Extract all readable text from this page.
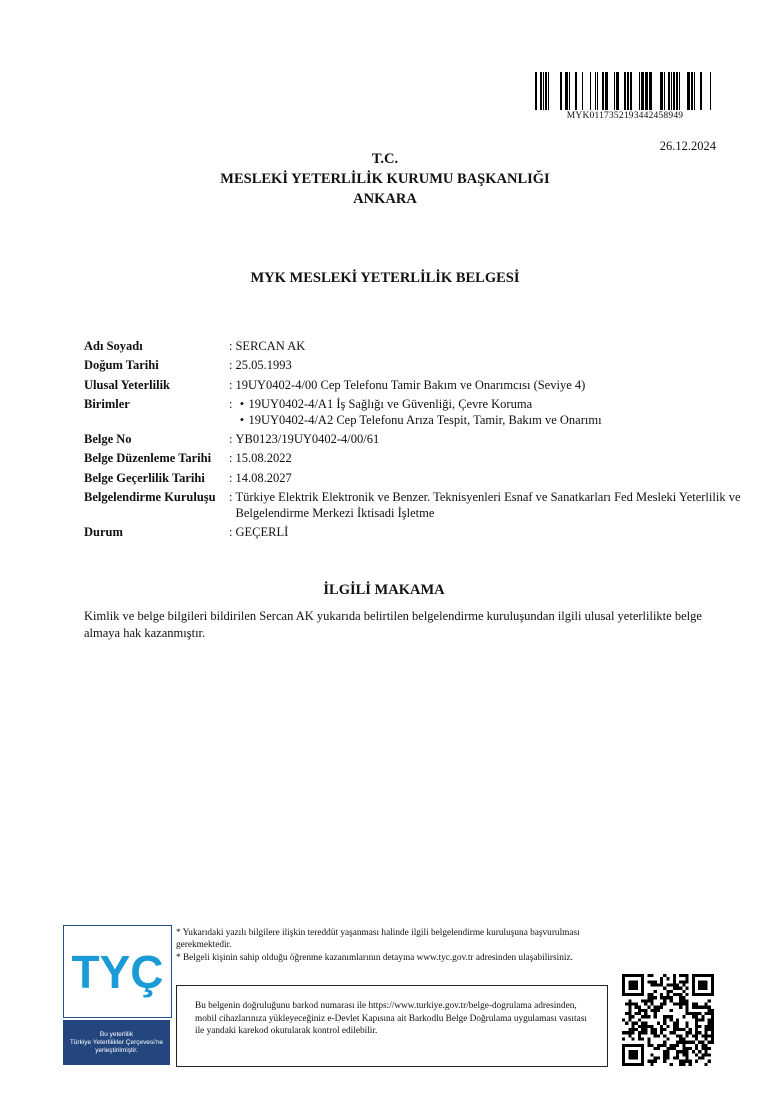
MYK0117352193442458949
26.12.2024
T.C.
MESLEKİ YETERLİLİK KURUMU BAŞKANLIĞI
ANKARA
MYK MESLEKİ YETERLİLİK BELGESİ
Adı Soyadı	: SERCAN AK
Doğum Tarihi	: 25.05.1993
Ulusal Yeterlilik	: 19UY0402-4/00 Cep Telefonu Tamir Bakım ve Onarımcısı (Seviye 4)
Birimler	:
•	19UY0402-4/A1 İş Sağlığı ve Güvenliği, Çevre Koruma
• 19UY0402-4/A2 Cep Telefonu Arıza Tespit, Tamir, Bakım ve Onarımı
Belge No	: YB0123/19UY0402-4/00/61
Belge Düzenleme Tarihi	: 15.08.2022
Belge Geçerlilik Tarihi	: 14.08.2027
Belgelendirme Kuruluşu	: Türkiye Elektrik Elektronik ve Benzer. Teknisyenleri Esnaf ve Sanatkarları Fed Mesleki Yeterlilik ve Belgelendirme Merkezi İktisadi İşletme
Durum	: GEÇERLİ
İLGİLİ MAKAMA
Kimlik ve belge bilgileri bildirilen Sercan AK yukarıda belirtilen belgelendirme kuruluşundan ilgili ulusal yeterlilikte belge almaya hak kazanmıştır.
TYÇ
Bu yeterlilik
Türkiye Yeterlilikler Çerçevesi'ne
yerleştirilmiştir.

* Yukarıdaki yazılı bilgilere ilişkin tereddüt yaşanması halinde ilgili belgelendirme kuruluşuna başvurulması gerekmektedir.

* Belgeli kişinin sahip olduğu öğrenme kazanımlarının detayına www.tyc.gov.tr adresinden ulaşabilirsiniz.

Bu belgenin doğruluğunu barkod numarası ile https://www.turkiye.gov.tr/belge-dogrulama adresinden, mobil cihazlarınıza yükleyeceğiniz e-Devlet Kapısına ait Barkodlu Belge Doğrulama uygulaması vasıtası ile yandaki karekod okutularak kontrol edilebilir.
